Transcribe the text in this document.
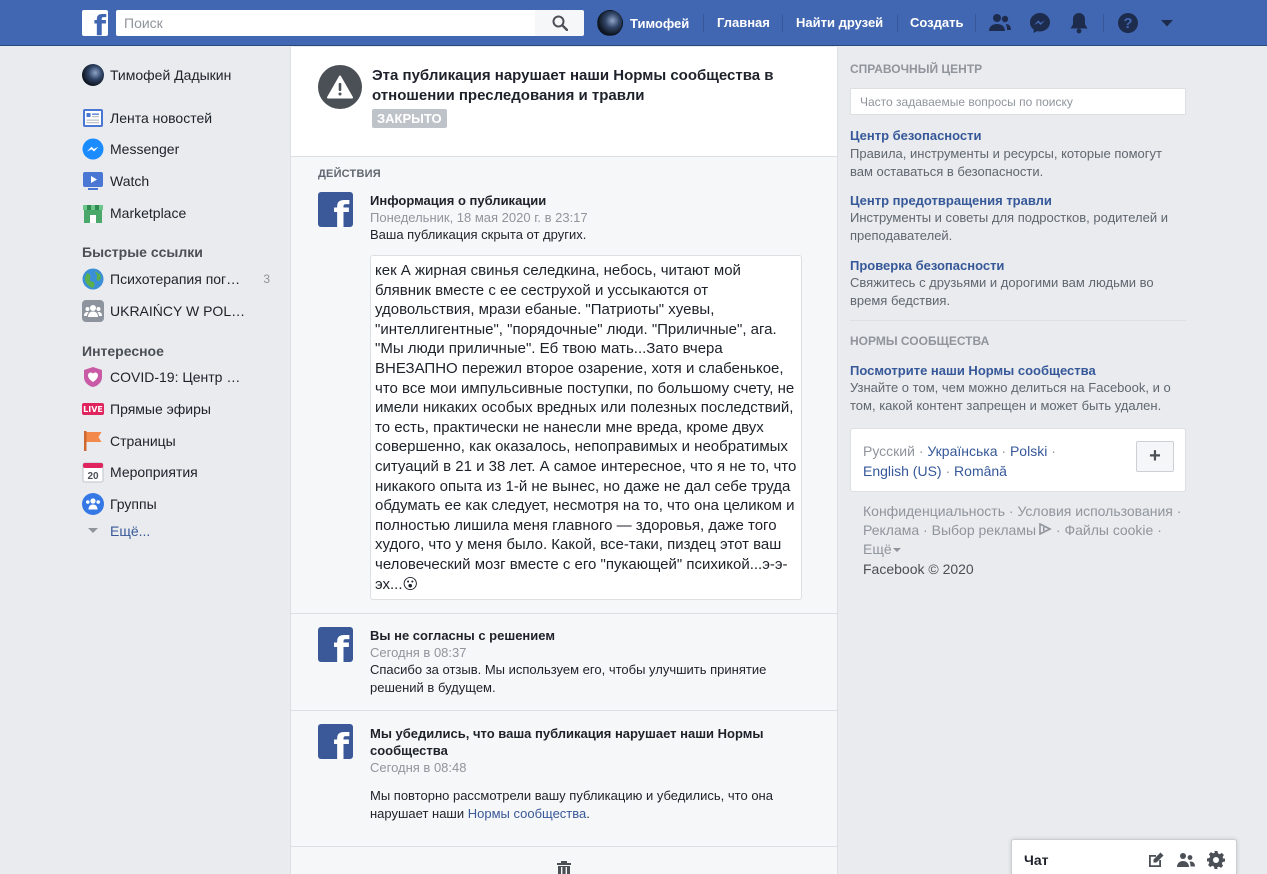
f
Поиск	Тимофей Главная Найти друзей Создать	?
Тимофей Дадыкин
Лента новостей
Messenger
Watch
Marketplace
Быстрые ссылки
Психотерапия пог…	3
UKRAIŃCY W POL…
Интересное
COVID-19: Центр …
LIVE Прямые эфиры
Страницы
20 Мероприятия
Группы
Ещё...
Эта публикация нарушает наши Нормы сообщества в отношении преследования и травли
ЗАКРЫТО
ДЕЙСТВИЯ
f Информация о публикации
Понедельник, 18 мая 2020 г. в 23:17
Ваша публикация скрыта от других.
кек А жирная свинья селедкина, небось, читают мой блявник вместе с ее сеструхой и уссыкаются от удовольствия, мрази ебаные. "Патриоты" хуевы, "интеллигентные", "порядочные" люди. "Приличные", ага. "Мы люди приличные". Еб твою мать...Зато вчера ВНЕЗАПНО пережил второе озарение, хотя и слабенькое, что все мои импульсивные поступки, по большому счету, не имели никаких особых вредных или полезных последствий, то есть, практически не нанесли мне вреда, кроме двух совершенно, как оказалось, непоправимых и необратимых ситуаций в 21 и 38 лет. А самое интересное, что я не то, что никакого опыта из 1-й не вынес, но даже не дал себе труда обдумать ее как следует, несмотря на то, что она целиком и полностью лишила меня главного — здоровья, даже того худого, что у меня было. Какой, все-таки, пиздец этот ваш человеческий мозг вместе с его "пукающей" психикой...э-э-эх...😮
f Вы не согласны с решением
Сегодня в 08:37
Спасибо за отзыв. Мы используем его, чтобы улучшить принятие решений в будущем.
f Мы убедились, что ваша публикация нарушает наши Нормы сообщества
Сегодня в 08:48
Мы повторно рассмотрели вашу публикацию и убедились, что она нарушает наши Нормы сообщества.
СПРАВОЧНЫЙ ЦЕНТР
Часто задаваемые вопросы по поиску
Центр безопасности
Правила, инструменты и ресурсы, которые помогут вам оставаться в безопасности.
Центр предотвращения травли
Инструменты и советы для подростков, родителей и преподавателей.
Проверка безопасности
Свяжитесь с друзьями и дорогими вам людьми во время бедствия.
НОРМЫ СООБЩЕСТВА
Посмотрите наши Нормы сообщества
Узнайте о том, чем можно делиться на Facebook, и о том, какой контент запрещен и может быть удален.
Русский · Українська · Polski · English (US) · Română
+
Конфиденциальность · Условия использования · Реклама · Выбор рекламы · Файлы cookie · Ещё
Facebook © 2020
Чат
